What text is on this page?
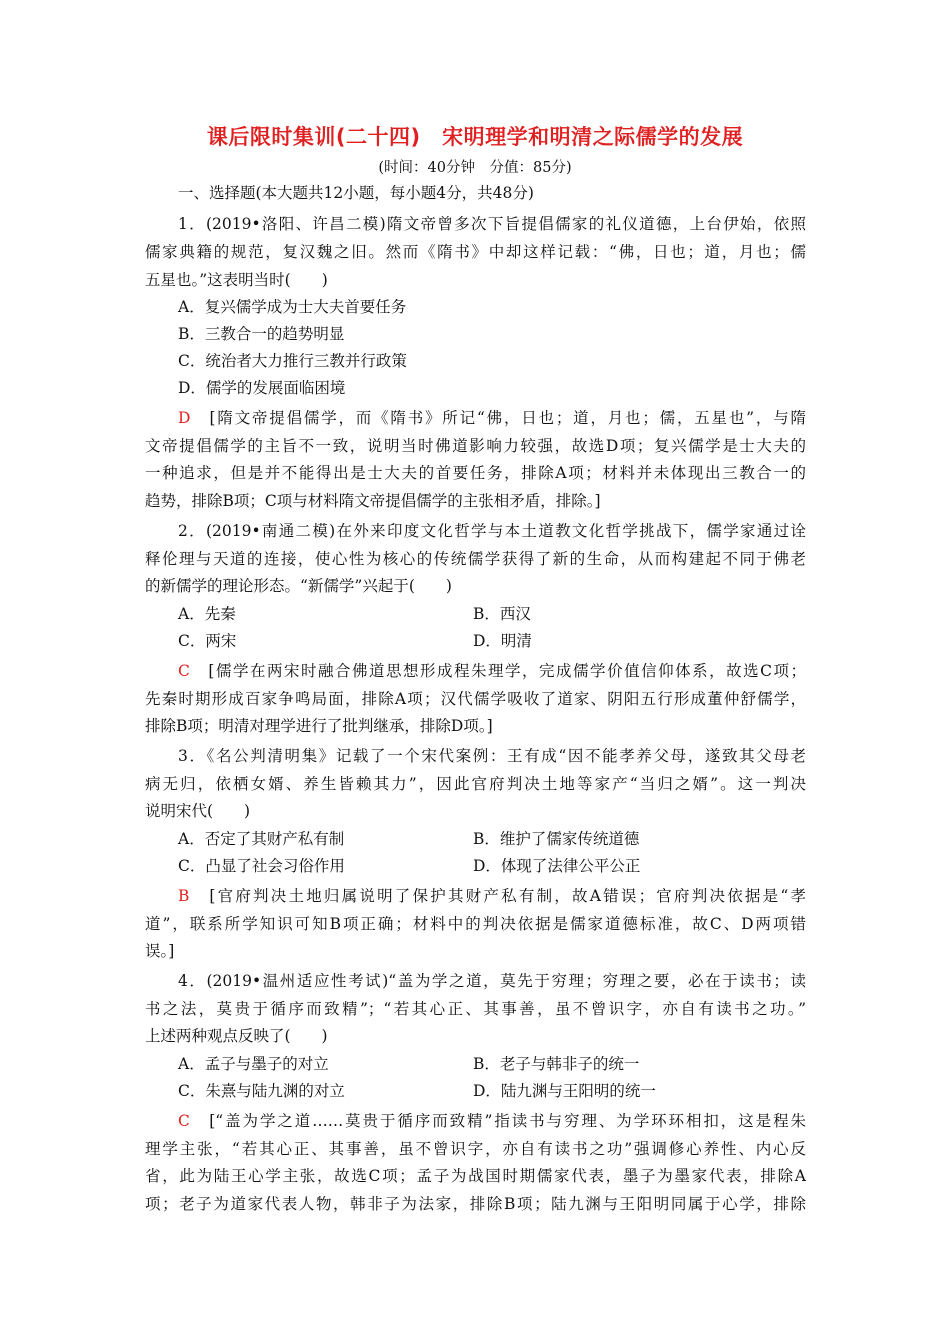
课后限时集训(二十四)　宋明理学和明清之际儒学的发展
(时间：40分钟　分值：85分)
一、选择题(本大题共12小题，每小题4分，共48分)
1．(2019•洛阳、许昌二模)隋文帝曾多次下旨提倡儒家的礼仪道德，上台伊始，依照
儒家典籍的规范，复汉魏之旧。然而《隋书》中却这样记载：“佛，日也；道，月也；儒
五星也。”这表明当时(　　)
A．复兴儒学成为士大夫首要任务
B．三教合一的趋势明显
C．统治者大力推行三教并行政策
D．儒学的发展面临困境
D　[隋文帝提倡儒学，而《隋书》所记“佛，日也；道，月也；儒，五星也”，与隋
文帝提倡儒学的主旨不一致，说明当时佛道影响力较强，故选D项；复兴儒学是士大夫的
一种追求，但是并不能得出是士大夫的首要任务，排除A项；材料并未体现出三教合一的
趋势，排除B项；C项与材料隋文帝提倡儒学的主张相矛盾，排除。]
2．(2019•南通二模)在外来印度文化哲学与本土道教文化哲学挑战下，儒学家通过诠
释伦理与天道的连接，使心性为核心的传统儒学获得了新的生命，从而构建起不同于佛老
的新儒学的理论形态。“新儒学”兴起于(　　)
A．先秦	B．西汉
C．两宋	D．明清
C　[儒学在两宋时融合佛道思想形成程朱理学，完成儒学价值信仰体系，故选C项；
先秦时期形成百家争鸣局面，排除A项；汉代儒学吸收了道家、阴阳五行形成董仲舒儒学，
排除B项；明清对理学进行了批判继承，排除D项。]
3．《名公判清明集》记载了一个宋代案例：王有成“因不能孝养父母，遂致其父母老
病无归，依栖女婿、养生皆赖其力”，因此官府判决土地等家产“当归之婿”。这一判决
说明宋代(　　)
A．否定了其财产私有制	B．维护了儒家传统道德
C．凸显了社会习俗作用	D．体现了法律公平公正
B　[官府判决土地归属说明了保护其财产私有制，故A错误；官府判决依据是“孝
道”，联系所学知识可知B项正确；材料中的判决依据是儒家道德标准，故C、D两项错
误。]
4．(2019•温州适应性考试)“盖为学之道，莫先于穷理；穷理之要，必在于读书；读
书之法，莫贵于循序而致精”；“若其心正、其事善，虽不曾识字，亦自有读书之功。”
上述两种观点反映了(　　)
A．孟子与墨子的对立	B．老子与韩非子的统一
C．朱熹与陆九渊的对立	D．陆九渊与王阳明的统一
C　[“盖为学之道……莫贵于循序而致精”指读书与穷理、为学环环相扣，这是程朱
理学主张，“若其心正、其事善，虽不曾识字，亦自有读书之功”强调修心养性、内心反
省，此为陆王心学主张，故选C项；孟子为战国时期儒家代表，墨子为墨家代表，排除A
项；老子为道家代表人物，韩非子为法家，排除B项；陆九渊与王阳明同属于心学，排除
